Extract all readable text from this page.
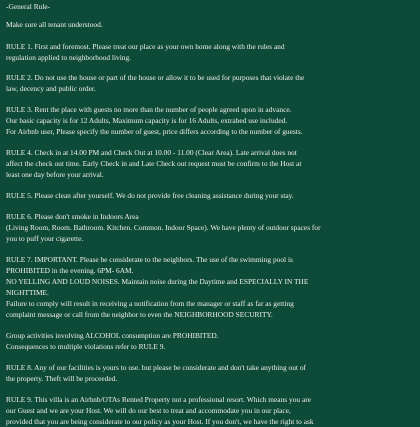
-General Rule-
Make sure all tenant understood.
RULE 1. First and foremost. Please treat our place as your own home along with the rules and
regulation applied to neighborhood living.
RULE 2. Do not use the house or part of the house or allow it to be used for purposes that violate the
law, decency and public order.
RULE 3. Rent the place with guests no more than the number of people agreed upon in advance.
Our basic capacity is for 12 Adults, Maximum capacity is for 16 Adults, extrabed use included.
For Airbnb user, Please specify the number of guest, price differs according to the number of guests.
RULE 4. Check in at 14.00 PM and Check Out at 10.00 - 11.00 (Clear Area). Late arrival does not
affect the check out time. Early Check in and Late Check out request must be confirm to the Host at
least one day before your arrival.
RULE 5. Please clean after yourself. We do not provide free cleaning assistance during your stay.
RULE 6. Please don't smoke in Indoors Area
(Living Room, Room. Bathroom. Kitchen. Common. Indoor Space). We have plenty of outdoor spaces for
you to puff your cigarette.
RULE 7. IMPORTANT. Please be considerate to the neighbors. The use of the swimming pool is
PROHIBITED in the evening. 6PM- 6AM.
NO YELLING AND LOUD NOISES. Maintain noise during the Daytime and ESPECIALLY IN THE
NIGHTTIME.
Failure to comply will result in receiving a notification from the manager or staff as far as getting
complaint message or call from the neighbor to even the NEIGHBORHOOD SECURITY.
Group activities involving ALCOHOL consumption are PROHIBITED.
Consequences to multiple violations refer to RULE 9.
RULE 8. Any of our facilities is yours to use. but please be considerate and don't take anything out of
the property. Theft will be proceeded.
RULE 9. This villa is an Airbnb/OTAs Rented Property not a professional resort. Which means you are
our Guest and we are your Host. We will do our best to treat and accommodate you in our place,
provided that you are being considerate to our policy as your Host. If you don't, we have the right to ask
